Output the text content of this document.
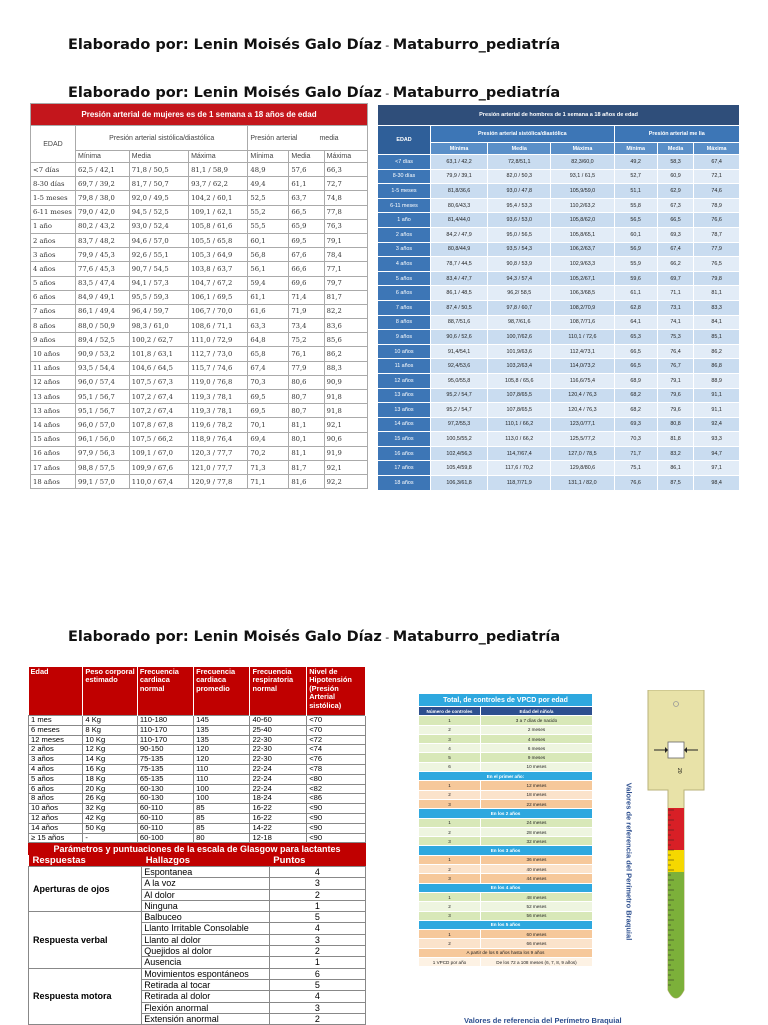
Elaborado por: Lenin Moisés Galo Díaz - Mataburro_pediatría
Elaborado por: Lenin Moisés Galo Díaz - Mataburro_pediatría
Elaborado por: Lenin Moisés Galo Díaz - Mataburro_pediatría
Presión arterial de mujeres es de 1 semana a 18 años de edad						
EDAD	Presión arterial sistólica/diastólica			Presión arterial media		
	Mínima	Media	Máxima	Mínima	Media	Máxima
<7 días	62,5 / 42,1	71,8 / 50,5	81,1 / 58,9	48,9	57,6	66,3
8-30 días	69,7 / 39,2	81,7 / 50,7	93,7 / 62,2	49,4	61,1	72,7
1-5 meses	79,8 / 38,0	92,0 / 49,5	104,2 / 60,1	52,5	63,7	74,8
6-11 meses	79,0 / 42,0	94,5 / 52,5	109,1 / 62,1	55,2	66,5	77,8
1 año	80,2 / 43,2	93,0 / 52,4	105,8 / 61,6	55,5	65,9	76,3
2 años	83,7 / 48,2	94,6 / 57,0	105,5 / 65,8	60,1	69,5	79,1
3 años	79,9 / 45,3	92,6 / 55,1	105,3 / 64,9	56,8	67,6	78,4
4 años	77,6 / 45,3	90,7 / 54,5	103,8 / 63,7	56,1	66,6	77,1
5 años	83,5 / 47,4	94,1 / 57,3	104,7 / 67,2	59,4	69,6	79,7
6 años	84,9 / 49,1	95,5 / 59,3	106,1 / 69,5	61,1	71,4	81,7
7 años	86,1 / 49,4	96,4 / 59,7	106,7 / 70,0	61,6	71,9	82,2
8 años	88,0 / 50,9	98,3 / 61,0	108,6 / 71,1	63,3	73,4	83,6
9 años	89,4 / 52,5	100,2 / 62,7	111,0 / 72,9	64,8	75,2	85,6
10 años	90,9 / 53,2	101,8 / 63,1	112,7 / 73,0	65,8	76,1	86,2
11 años	93,5 / 54,4	104,6 / 64,5	115,7 / 74,6	67,4	77,9	88,3
12 años	96,0 / 57,4	107,5 / 67,3	119,0 / 76,8	70,3	80,6	90,9
13 años	95,1 / 56,7	107,2 / 67,4	119,3 / 78,1	69,5	80,7	91,8
13 años	95,1 / 56,7	107,2 / 67,4	119,3 / 78,1	69,5	80,7	91,8
14 años	96,0 / 57,0	107,8 / 67,8	119,6 / 78,2	70,1	81,1	92,1
15 años	96,1 / 56,0	107,5 / 66,2	118,9 / 76,4	69,4	80,1	90,6
16 años	97,9 / 56,3	109,1 / 67,0	120,3 / 77,7	70,2	81,1	91,9
17 años	98,8 / 57,5	109,9 / 67,6	121,0 / 77,7	71,3	81,7	92,1
18 años	99,1 / 57,0	110,0 / 67,4	120,9 / 77,8	71,1	81,6	92,2
Presión arterial de hombres de 1 semana a 18 años de edad						
EDAD	Presión arterial sistólica/diastólica			Presión arterial me lia		
	Mínima	Media	Máxima	Mínima	Media	Máxima
<7 días	63,1 / 42,2	72,8/51,1	82,3/60,0	49,2	58,3	67,4
8-30 días	79,9 / 39,1	82,0 / 50,3	93,1 / 61,5	52,7	60,9	72,1
1-5 meses	81,8/36,6	93,0 / 47,8	105,9/59,0	51,1	62,9	74,6
6-11 meses	80,6/43,3	95,4 / 53,3	110,2/63,2	55,8	67,3	78,9
1 año	81,4/44,0	93,6 / 53,0	105,8/62,0	56,5	66,5	76,6
2 años	84,2 / 47,9	95,0 / 56,5	105,8/65,1	60,1	69,3	78,7
3 años	80,8/44,9	93,5 / 54,3	106,2/63,7	56,9	67,4	77,9
4 años	78,7 / 44,5	90,8 / 53,9	102,9/63,3	55,9	66,2	76,5
5 años	83,4 / 47,7	94,3 / 57,4	105,2/67,1	59,6	69,7	79,8
6 años	86,1 / 48,5	96,2/ 58,5	106,3/68,5	61,1	71,1	81,1
7 años	87,4 / 50,5	97,8 / 60,7	108,2/70,9	62,8	73,1	83,3
8 años	88,7/51,6	98,7/61,6	108,7/71,6	64,1	74,1	84,1
9 años	90,6 / 52,6	100,7/62,6	110,1 / 72,6	65,3	75,3	85,1
10 años	91,4/54,1	101,9/63,6	112,4/73,1	66,5	76,4	86,2
11 años	92,4/53,6	103,2/63,4	114,0/73,2	66,5	76,7	86,8
12 años	95,0/55,8	105,8 / 65,6	116,6/75,4	68,9	79,1	88,9
13 años	95,2 / 54,7	107,8/65,5	120,4 / 76,3	68,2	79,6	91,1
13 años	95,2 / 54,7	107,8/65,5	120,4 / 76,3	68,2	79,6	91,1
14 años	97,2/55,3	110,1 / 66,2	123,0/77,1	69,3	80,8	92,4
15 años	100,5/55,2	113,0 / 66,2	125,5/77,2	70,3	81,8	93,3
16 años	102,4/56,3	114,7/67,4	127,0 / 78,5	71,7	83,2	94,7
17 años	105,4/59,8	117,6 / 70,2	129,8/80,6	75,1	86,1	97,1
18 años	106,3/61,8	118,7/71,9	131,1 / 82,0	76,6	87,5	98,4
Edad	Peso corporal estimado	Frecuencia cardiaca normal	Frecuencia cardiaca promedio	Frecuencia respiratoria normal	Nivel de Hipotensión (Presión Arterial sistólica)
1 mes	4 Kg	110-180	145	40-60	<70
6 meses	8 Kg	110-170	135	25-40	<70
12 meses	10 Kg	110-170	135	22-30	<72
2 años	12 Kg	90-150	120	22-30	<74
3 años	14 Kg	75-135	120	22-30	<76
4 años	16 Kg	75-135	110	22-24	<78
5 años	18 Kg	65-135	110	22-24	<80
6 años	20 Kg	60-130	100	22-24	<82
8 años	26 Kg	60-130	100	18-24	<86
10 años	32 Kg	60-110	85	16-22	<90
12 años	42 Kg	60-110	85	16-22	<90
14 años	50 Kg	60-110	85	14-22	<90
≥ 15 años	-	60-100	80	12-18	<90
Parámetros y puntuaciones de la escala de Glasgow para lactantes
Respuestas	Hallazgos	Puntos
Aperturas de ojos	Espontanea	4
	A la voz	3
	Al dolor	2
	Ninguna	1
Respuesta verbal	Balbuceo	5
	Llanto Irritable Consolable	4
	Llanto al dolor	3
	Quejidos al dolor	2
	Ausencia	1
Respuesta motora	Movimientos espontáneos	6
	Retirada al tocar	5
	Retirada al dolor	4
	Flexión anormal	3
	Extensión anormal	2
Total, de controles de VPCD por edad	
Número de controles	Edad del niño/a
1	3 a 7 días de nacido
2	2 meses
3	4 meses
4	6 meses
5	9 meses
6	10 meses
En el primer año:	
1	12 meses
2	18 meses
3	22 meses
En los 2 años	
1	24 meses
2	28 meses
3	32 meses
En los 3 años	
1	36 meses
2	40 meses
3	44 meses
En los 4 años	
1	48 meses
2	52 meses
3	56 meses
En los 5 años	
1	60 meses
2	66 meses
A partir de los 6 años hasta los 9 años	
1 VPCD por año	De los 72 a 108 meses (6, 7, 8, 9 años)
Valores de referencia del Perímetro Braquial
Valores de referencia del Perímetro Braquial
20
